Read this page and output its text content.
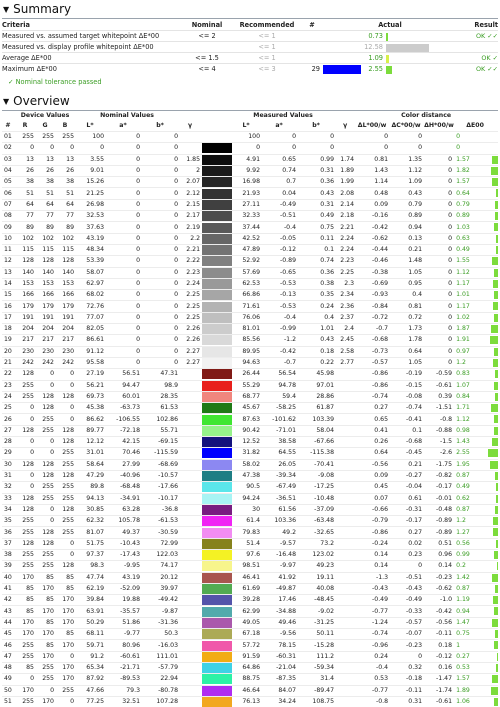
▼ Summary
Criteria	Nominal	Recommended	#	Actual			Result
Measured vs. assumed target whitepoint ΔE*00	<= 2	<= 1			0.73		OK ✓✓
Measured vs. display profile whitepoint ΔE*00		<= 1			12.58	

Average ΔE*00	<= 1.5	<= 1			1.09		OK ✓
Maximum ΔE*00	<= 4	<= 3	29		2.55		OK ✓✓
✓ Nominal tolerance passed
▼ Overview
	Device Values			Nominal Values					Measured Values				Color distance			
#	R	G	B	L*	a*	b*	γ		L*	a*	b*	γ	ΔL*00/w	ΔC*00/w	ΔH*00/w	ΔE00
01	255	255	255	100	0	0			100	0	0		0	0		0
02	0	0	0	0	0	0			0	0	0		0	0		0
03	13	13	13	3.55	0	0	1.85		4.91	0.65	0.99	1.74	0.81	1.35	0	1.57

04	26	26	26	9.01	0	0	2		9.92	0.74	0.31	1.89	1.43	1.12	0	1.82

05	38	38	38	15.26	0	0	2.07		16.98	0.7	0.36	1.99	1.14	1.09	0	1.57

06	51	51	51	21.25	0	0	2.12		21.93	0.04	0.43	2.08	0.48	0.43	0	0.64

07	64	64	64	26.98	0	0	2.15		27.11	-0.49	0.31	2.14	0.09	0.79	0	0.79

08	77	77	77	32.53	0	0	2.17		32.33	-0.51	0.49	2.18	-0.16	0.89	0	0.89

09	89	89	89	37.63	0	0	2.19		37.44	-0.4	0.75	2.21	-0.42	0.94	0	1.03

10	102	102	102	43.19	0	0	2.2		42.52	-0.05	0.11	2.24	-0.62	0.13	0	0.63

11	115	115	115	48.34	0	0	2.21		47.89	-0.12	0.1	2.24	-0.44	0.21	0	0.49

12	128	128	128	53.39	0	0	2.22		52.92	-0.89	0.74	2.23	-0.46	1.48	0	1.55

13	140	140	140	58.07	0	0	2.23		57.69	-0.65	0.36	2.25	-0.38	1.05	0	1.12

14	153	153	153	62.97	0	0	2.24		62.53	-0.53	0.38	2.3	-0.69	0.95	0	1.17

15	166	166	166	68.02	0	0	2.25		66.86	-0.13	0.35	2.34	-0.93	0.4	0	1.01

16	179	179	179	72.76	0	0	2.25		71.61	-0.53	0.24	2.36	-0.84	0.81	0	1.17

17	191	191	191	77.07	0	0	2.25		76.06	-0.4	0.4	2.37	-0.72	0.72	0	1.02

18	204	204	204	82.05	0	0	2.26		81.01	-0.99	1.01	2.4	-0.7	1.73	0	1.87

19	217	217	217	86.61	0	0	2.26		85.56	-1.2	0.43	2.45	-0.68	1.78	0	1.91

20	230	230	230	91.12	0	0	2.27		89.95	-0.42	0.18	2.58	-0.73	0.64	0	0.97

21	242	242	242	95.58	0	0	2.27		94.63	-0.7	0.22	2.77	-0.57	1.05	0	1.2

22	128	0	0	27.19	56.51	47.31			26.44	56.54	45.98		-0.86	-0.19	-0.59	0.83

23	255	0	0	56.21	94.47	98.9			55.29	94.78	97.01		-0.86	-0.15	-0.61	1.07

24	255	128	128	69.73	60.01	28.35			68.77	59.4	28.86		-0.74	-0.08	0.39	0.84

25	0	128	0	45.38	-63.73	61.53			45.67	-58.25	61.87		0.27	-0.74	-1.51	1.71

26	0	255	0	86.62	-106.55	102.86			87.63	-101.62	103.39		0.65	-0.41	-0.8	1.12

27	128	255	128	89.77	-72.18	55.71			90.42	-71.01	58.04		0.41	0.1	-0.88	0.98

28	0	0	128	12.12	42.15	-69.15			12.52	38.58	-67.66		0.26	-0.68	-1.5	1.43

29	0	0	255	31.01	70.46	-115.59			31.82	64.55	-115.38		0.64	-0.45	-2.6	2.55

30	128	128	255	58.64	27.99	-68.69			58.02	26.05	-70.41		-0.56	0.21	-1.75	1.95

31	0	128	128	47.29	-40.96	-10.57			47.38	-39.34	-9.08		0.09	-0.27	-0.82	0.87

32	0	255	255	89.8	-68.48	-17.66			90.5	-67.49	-17.25		0.45	-0.04	-0.17	0.49

33	128	255	255	94.13	-34.91	-10.17			94.24	-36.51	-10.48		0.07	0.61	-0.01	0.62

34	128	0	128	30.85	63.28	-36.8			30	61.56	-37.09		-0.66	-0.31	-0.48	0.87

35	255	0	255	62.32	105.78	-61.53			61.4	103.36	-63.48		-0.79	-0.17	-0.89	1.2

36	255	128	255	81.07	49.37	-30.59			79.83	49.2	-32.65		-0.86	0.27	-0.89	1.27

37	128	128	0	51.75	-10.43	72.99			51.4	-9.57	73.2		-0.24	0.02	0.51	0.56

38	255	255	0	97.37	-17.43	122.03			97.6	-16.48	123.02		0.14	0.23	0.96	0.99

39	255	255	128	98.3	-9.95	74.17			98.51	-9.97	49.23		0.14	0	0.14	0.2

40	170	85	85	47.74	43.19	20.12			46.41	41.92	19.11		-1.3	-0.51	-0.23	1.42

41	85	170	85	62.19	-52.09	39.97			61.69	-49.87	40.08		-0.43	-0.43	-0.62	0.87

42	85	85	170	39.84	19.88	-49.42			39.28	17.46	-48.45		-0.49	-0.49	-1.0	1.19

43	85	170	170	63.91	-35.57	-9.87			62.99	-34.88	-9.02		-0.77	-0.33	-0.42	0.94

44	170	85	170	50.29	51.86	-31.36			49.05	49.46	-31.25		-1.24	-0.57	-0.56	1.47

45	170	170	85	68.11	-9.77	50.3			67.18	-9.56	50.11		-0.74	-0.07	-0.11	0.75

46	255	85	170	59.71	80.96	-16.03			57.72	78.15	-15.28		-0.96	-0.23	0.18	1

47	255	170	0	91.2	-60.61	111.01			91.59	-60.31	111.2		0.24	0	-0.12	0.27

48	85	255	170	65.34	-21.71	-57.79			64.86	-21.04	-59.34		-0.4	0.32	0.16	0.53

49	0	255	170	87.92	-89.53	22.94			88.75	-87.35	31.4		0.53	-0.18	-1.47	1.57

50	170	0	255	47.66	79.3	-80.78			46.64	84.07	-89.47		-0.77	-0.11	-1.74	1.89

51	255	170	0	77.25	32.51	107.28			76.13	34.24	108.75		-0.8	0.31	-0.61	1.06
